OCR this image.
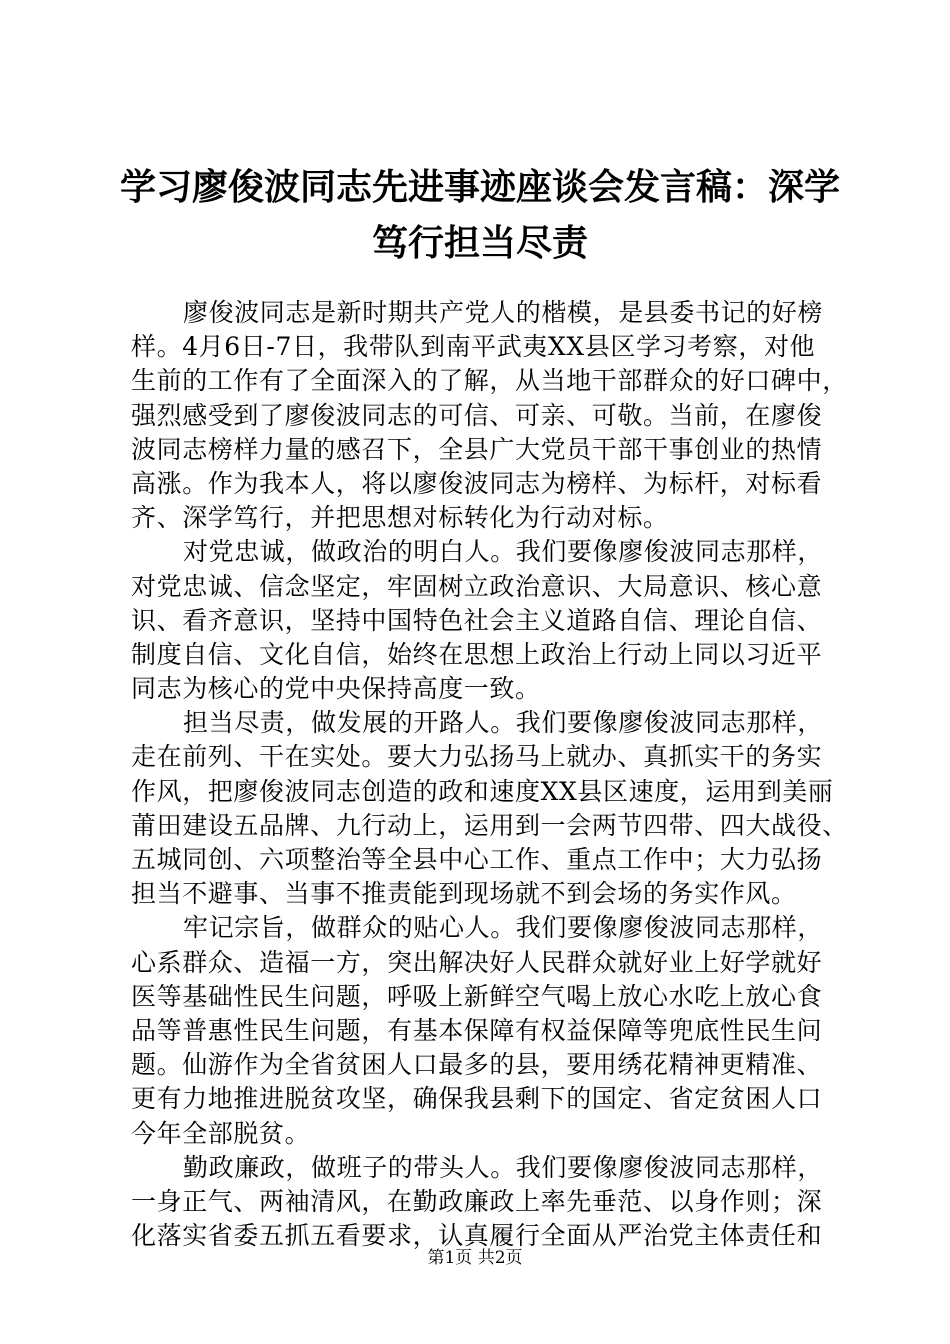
学习廖俊波同志先进事迹座谈会发言稿：深学
笃行担当尽责
廖俊波同志是新时期共产党人的楷模，是县委书记的好榜
样。4月6日-7日，我带队到南平武夷XX县区学习考察，对他
生前的工作有了全面深入的了解，从当地干部群众的好口碑中，
强烈感受到了廖俊波同志的可信、可亲、可敬。当前，在廖俊
波同志榜样力量的感召下，全县广大党员干部干事创业的热情
高涨。作为我本人，将以廖俊波同志为榜样、为标杆，对标看
齐、深学笃行，并把思想对标转化为行动对标。
对党忠诚，做政治的明白人。我们要像廖俊波同志那样，
对党忠诚、信念坚定，牢固树立政治意识、大局意识、核心意
识、看齐意识，坚持中国特色社会主义道路自信、理论自信、
制度自信、文化自信，始终在思想上政治上行动上同以习近平
同志为核心的党中央保持高度一致。
担当尽责，做发展的开路人。我们要像廖俊波同志那样，
走在前列、干在实处。要大力弘扬马上就办、真抓实干的务实
作风，把廖俊波同志创造的政和速度XX县区速度，运用到美丽
莆田建设五品牌、九行动上，运用到一会两节四带、四大战役、
五城同创、六项整治等全县中心工作、重点工作中；大力弘扬
担当不避事、当事不推责能到现场就不到会场的务实作风。
牢记宗旨，做群众的贴心人。我们要像廖俊波同志那样，
心系群众、造福一方，突出解决好人民群众就好业上好学就好
医等基础性民生问题，呼吸上新鲜空气喝上放心水吃上放心食
品等普惠性民生问题，有基本保障有权益保障等兜底性民生问
题。仙游作为全省贫困人口最多的县，要用绣花精神更精准、
更有力地推进脱贫攻坚，确保我县剩下的国定、省定贫困人口
今年全部脱贫。
勤政廉政，做班子的带头人。我们要像廖俊波同志那样，
一身正气、两袖清风，在勤政廉政上率先垂范、以身作则；深
化落实省委五抓五看要求，认真履行全面从严治党主体责任和
第1页 共2页
